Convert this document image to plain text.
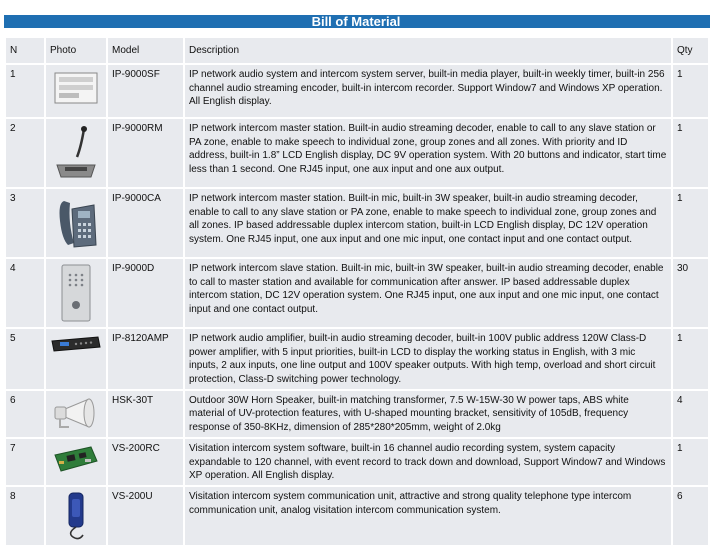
Bill of Material
N	Photo	Model	Description	Qty
1		IP-9000SF	IP network audio system and intercom system server, built-in media player, built-in weekly timer, built-in 256 channel audio streaming encoder, built-in intercom recorder. Support Window7 and Windows XP operation. All English display.	1
2		IP-9000RM	IP network intercom master station. Built-in audio streaming decoder, enable to call to any slave station or PA zone, enable to make speech to individual zone, group zones and all zones. With priority and ID address, built-in 1.8” LCD English display, DC 9V operation system. With 20 buttons and indicator, start time less than 1 second. One RJ45 input, one aux input and one aux output.	1
3		IP-9000CA	IP network intercom master station. Built-in mic, built-in 3W speaker, built-in audio streaming decoder, enable to call to any slave station or PA zone, enable to make speech to individual zone, group zones and all zones. IP based addressable duplex intercom station, built-in LCD English display, DC 12V operation system. One RJ45 input, one aux input and one mic input, one contact input and one contact output.	1
4		IP-9000D	IP network intercom slave station. Built-in mic, built-in 3W speaker, built-in audio streaming decoder, enable to call to master station and available for communication after answer. IP based addressable duplex intercom station, DC 12V operation system. One RJ45 input, one aux input and one mic input, one contact input and one contact output.	30
5		IP-8120AMP	IP network audio amplifier, built-in audio streaming decoder, built-in 100V public address 120W Class-D power amplifier, with 5 input priorities, built-in LCD to display the working status in English, with 3 mic inputs, 2 aux inputs, one line output and 100V speaker outputs. With high temp, overload and short circuit protection, Class-D switching power technology.	1
6		HSK-30T	Outdoor 30W Horn Speaker, built-in matching transformer, 7.5 W-15W-30 W power taps, ABS white material of UV-protection features, with U-shaped mounting bracket, sensitivity of 105dB, frequency response of 350-8KHz, dimension of 285*280*205mm, weight of 2.0kg	4
7		VS-200RC	Visitation intercom system software, built-in 16 channel audio recording system, system capacity expandable to 120 channel, with event record to track down and download, Support Window7 and Windows XP operation. All English display.	1
8		VS-200U	Visitation intercom system communication unit, attractive and strong quality telephone type intercom communication unit, analog visitation intercom communication system.	6
